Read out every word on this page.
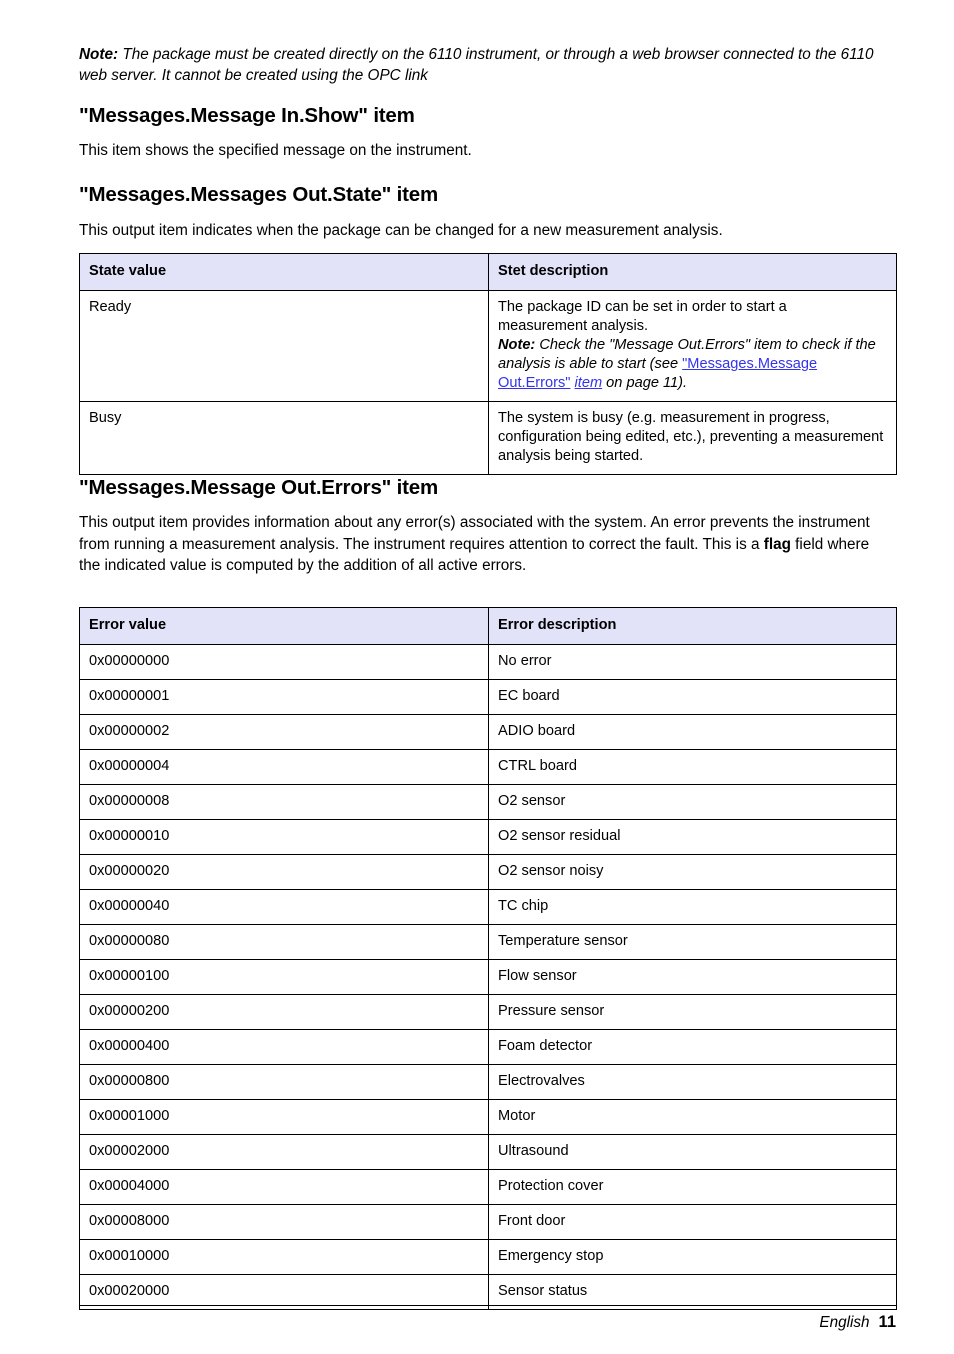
Note: The package must be created directly on the 6110 instrument, or through a web browser connected to the 6110 web server. It cannot be created using the OPC link
"Messages.Message In.Show" item

This item shows the specified message on the instrument.

"Messages.Messages Out.State" item

This output item indicates when the package can be changed for a new measurement analysis.

State value	Stet description
Ready	The package ID can be set in order to start a
measurement analysis.
Note: Check the "Message Out.Errors" item to check if the analysis is able to start (see "Messages.Message Out.Errors" item on page 11).
Busy	The system is busy (e.g. measurement in progress, configuration being edited, etc.), preventing a measurement analysis being started.
"Messages.Message Out.Errors" item

This output item provides information about any error(s) associated with the system. An error prevents the instrument from running a measurement analysis. The instrument requires attention to correct the fault. This is a flag field where the indicated value is computed by the addition of all active errors.

Error value	Error description
0x00000000	No error
0x00000001	EC board
0x00000002	ADIO board
0x00000004	CTRL board
0x00000008	O2 sensor
0x00000010	O2 sensor residual
0x00000020	O2 sensor noisy
0x00000040	TC chip
0x00000080	Temperature sensor
0x00000100	Flow sensor
0x00000200	Pressure sensor
0x00000400	Foam detector
0x00000800	Electrovalves
0x00001000	Motor
0x00002000	Ultrasound
0x00004000	Protection cover
0x00008000	Front door
0x00010000	Emergency stop
0x00020000	Sensor status
English 11
